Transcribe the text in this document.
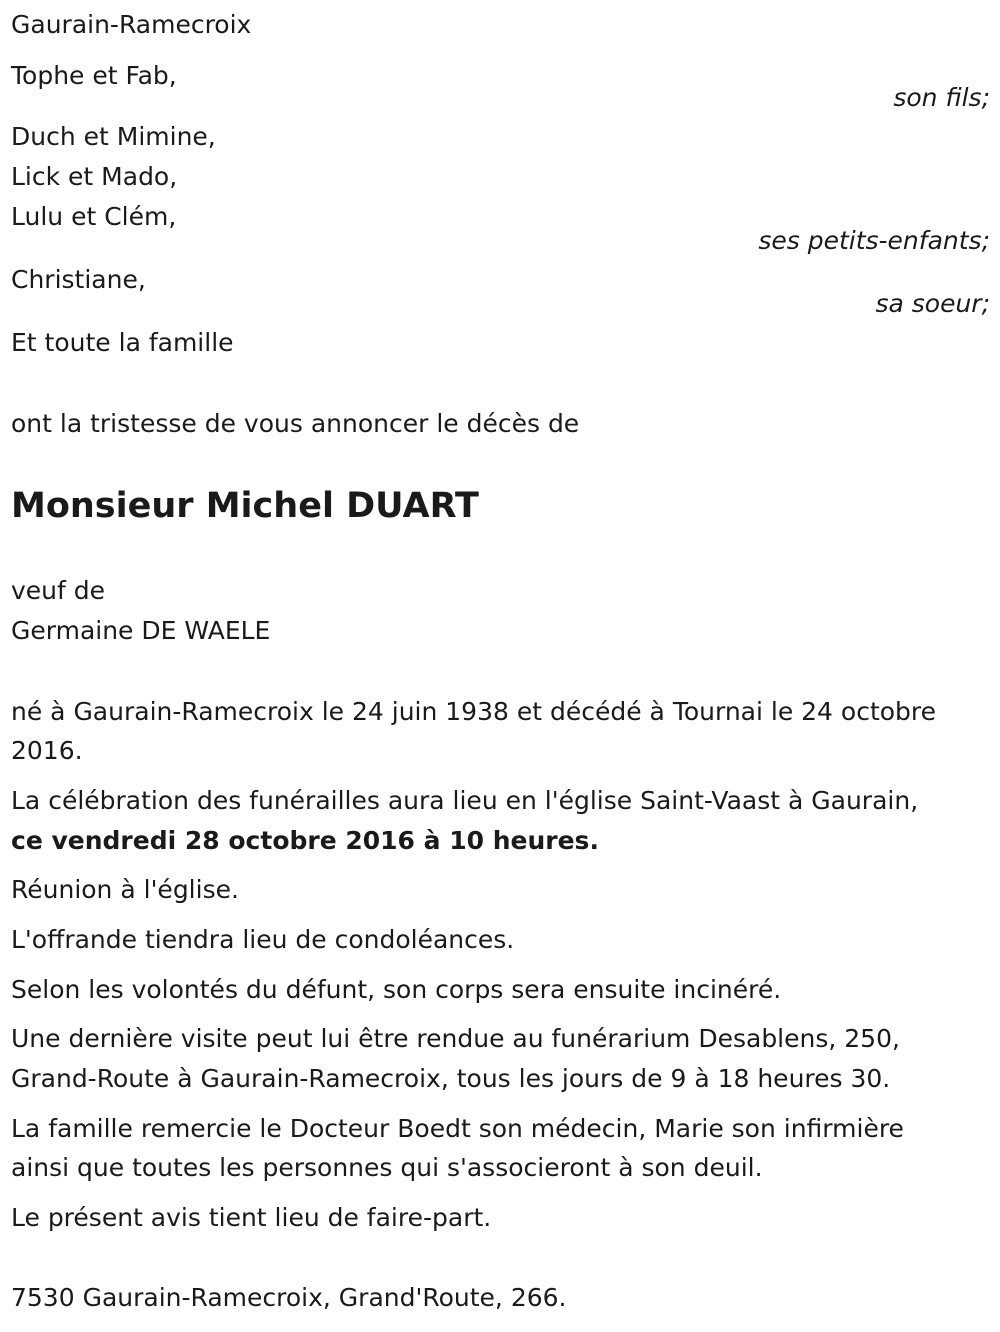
Gaurain-Ramecroix

Tophe et Fab,

son fils;

Duch et Mimine,

Lick et Mado,

Lulu et Clém,

ses petits-enfants;

Christiane,

sa soeur;

Et toute la famille

ont la tristesse de vous annoncer le décès de

Monsieur Michel DUART

veuf de

Germaine DE WAELE

né à Gaurain-Ramecroix le 24 juin 1938 et décédé à Tournai le 24 octobre

2016.

La célébration des funérailles aura lieu en l'église Saint-Vaast à Gaurain,

ce vendredi 28 octobre 2016 à 10 heures.

Réunion à l'église.

L'offrande tiendra lieu de condoléances.

Selon les volontés du défunt, son corps sera ensuite incinéré.

Une dernière visite peut lui être rendue au funérarium Desablens, 250,

Grand-Route à Gaurain-Ramecroix, tous les jours de 9 à 18 heures 30.

La famille remercie le Docteur Boedt son médecin, Marie son infirmière

ainsi que toutes les personnes qui s'associeront à son deuil.

Le présent avis tient lieu de faire-part.

7530 Gaurain-Ramecroix, Grand'Route, 266.
